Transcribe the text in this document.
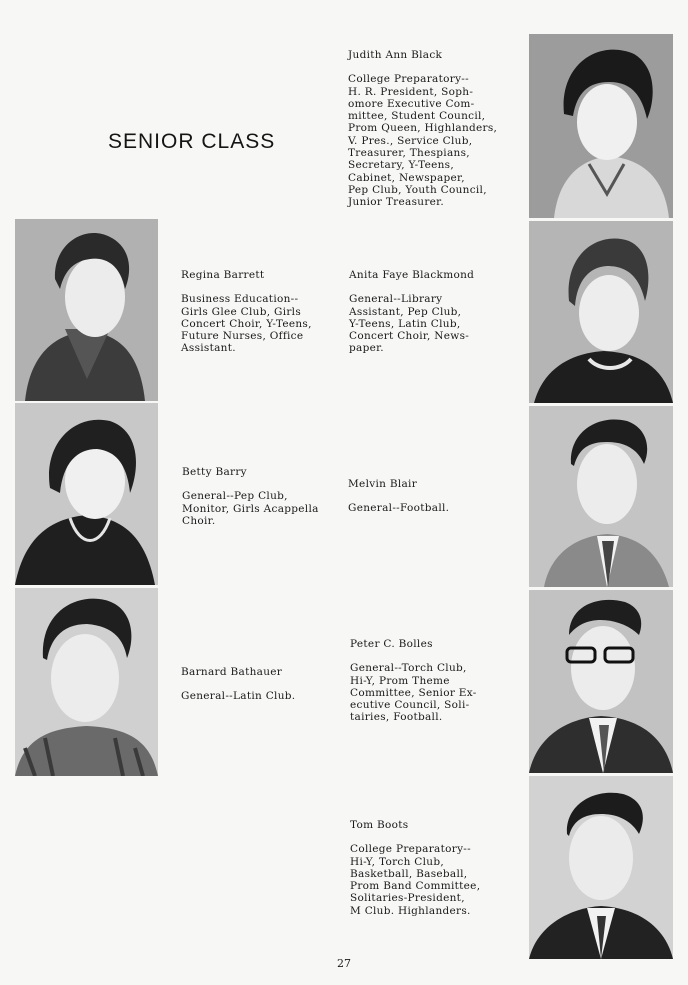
SENIOR CLASS
Judith Ann Black
College Preparatory--
H. R. President, Soph-
omore Executive Com-
mittee, Student Council,
Prom Queen, Highlanders,
V. Pres., Service Club,
Treasurer, Thespians,
Secretary, Y-Teens,
Cabinet, Newspaper,
Pep Club, Youth Council,
Junior Treasurer.
Anita Faye Blackmond
General--Library
Assistant, Pep Club,
Y-Teens, Latin Club,
Concert Choir, News-
paper.
Melvin Blair
General--Football.
Peter C. Bolles
General--Torch Club,
Hi-Y, Prom Theme
Committee, Senior Ex-
ecutive Council, Soli-
tairies, Football.
Tom Boots
College Preparatory--
Hi-Y, Torch Club,
Basketball, Baseball,
Prom Band Committee,
Solitaries-President,
M Club. Highlanders.
Regina Barrett
Business Education--
Girls Glee Club, Girls
Concert Choir, Y-Teens,
Future Nurses, Office
Assistant.
Betty Barry
General--Pep Club,
Monitor, Girls Acappella
Choir.
Barnard Bathauer
General--Latin Club.
27
